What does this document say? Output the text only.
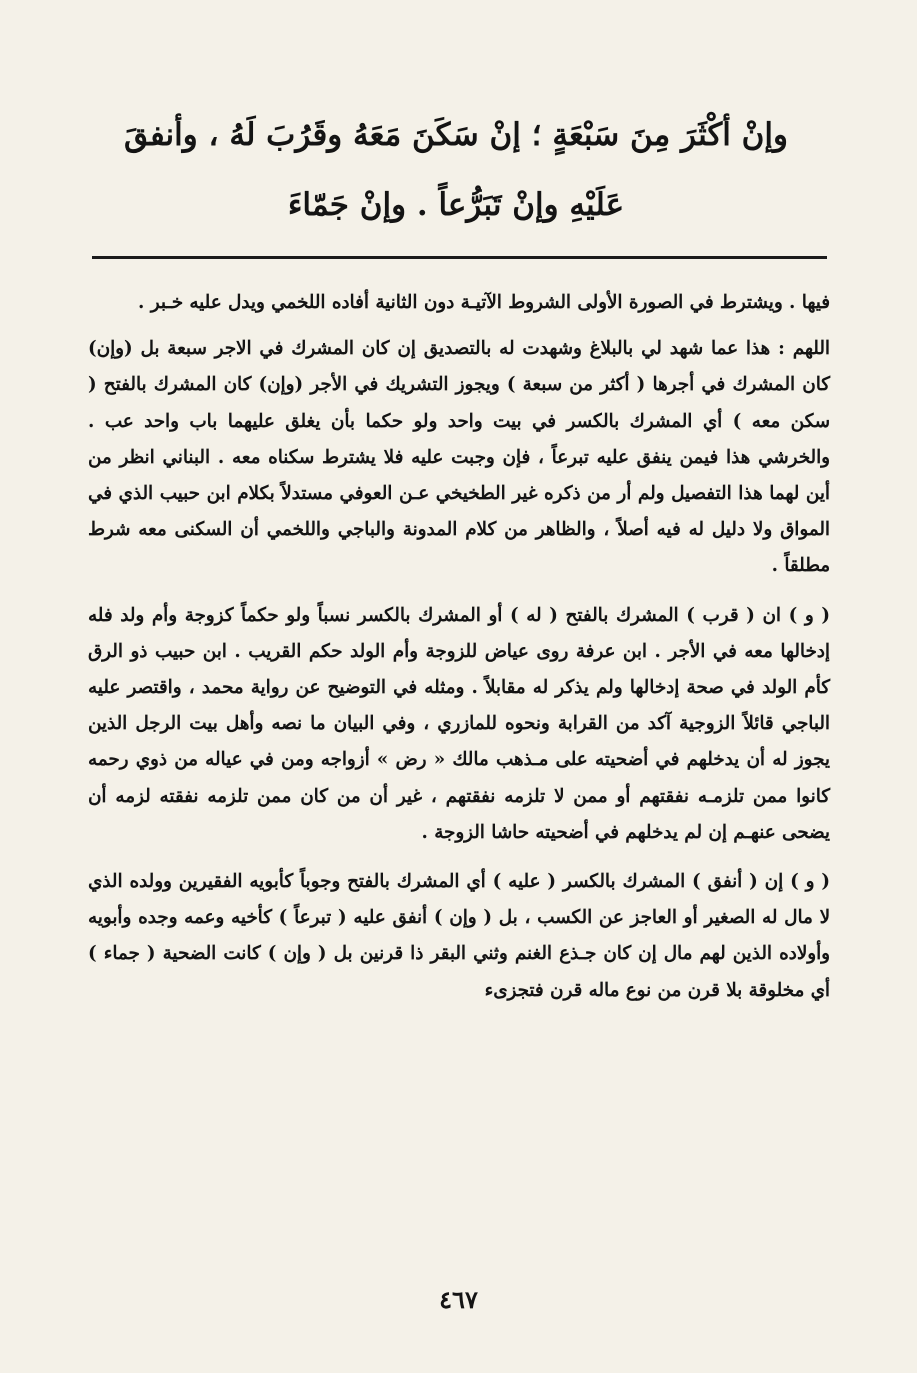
وإنْ أكْثَرَ مِنَ سَبْعَةٍ ؛ إنْ سَكَنَ مَعَهُ وقَرُبَ لَهُ ، وأنفقَ
عَلَيْهِ وإنْ تَبَرُّعاً . وإنْ جَمّاءَ

فيها . ويشترط في الصورة الأولى الشروط الآتيـة دون الثانية أفاده اللخمي ويدل عليه خـبر .

اللهم : هذا عما شهد لي بالبلاغ وشهدت له بالتصديق إن كان المشرك في الاجر سبعة بل (وإن) كان المشرك في أجرها ( أكثر من سبعة ) ويجوز التشريك في الأجر (وإن) كان المشرك بالفتح ( سكن معه ) أي المشرك بالكسر في بيت واحد ولو حكما بأن يغلق عليهما باب واحد عب . والخرشي هذا فيمن ينفق عليه تبرعاً ، فإن وجبت عليه فلا يشترط سكناه معه . البناني انظر من أين لهما هذا التفصيل ولم أر من ذكره غير الطخيخي عـن العوفي مستدلاً بكلام ابن حبيب الذي في المواق ولا دليل له فيه أصلاً ، والظاهر من كلام المدونة والباجي واللخمي أن السكنى معه شرط مطلقاً .

( و ) ان ( قرب ) المشرك بالفتح ( له ) أو المشرك بالكسر نسباً ولو حكماً كزوجة وأم ولد فله إدخالها معه في الأجر . ابن عرفة روى عياض للزوجة وأم الولد حكم القريب . ابن حبيب ذو الرق كأم الولد في صحة إدخالها ولم يذكر له مقابلاً . ومثله في التوضيح عن رواية محمد ، واقتصر عليه الباجي قائلاً الزوجية آكد من القرابة ونحوه للمازري ، وفي البيان ما نصه وأهل بيت الرجل الذين يجوز له أن يدخلهم في أضحيته على مـذهب مالك « رض » أزواجه ومن في عياله من ذوي رحمه كانوا ممن تلزمـه نفقتهم أو ممن لا تلزمه نفقتهم ، غير أن من كان ممن تلزمه نفقته لزمه أن يضحى عنهـم إن لم يدخلهم في أضحيته حاشا الزوجة .

( و ) إن ( أنفق ) المشرك بالكسر ( عليه ) أي المشرك بالفتح وجوباً كأبويه الفقيرين وولده الذي لا مال له الصغير أو العاجز عن الكسب ، بل ( وإن ) أنفق عليه ( تبرعاً ) كأخيه وعمه وجده وأبويه وأولاده الذين لهم مال إن كان جـذع الغنم وثني البقر ذا قرنين بل ( وإن ) كانت الضحية ( جماء ) أي مخلوقة بلا قرن من نوع ماله قرن فتجزىء

٤٦٧
